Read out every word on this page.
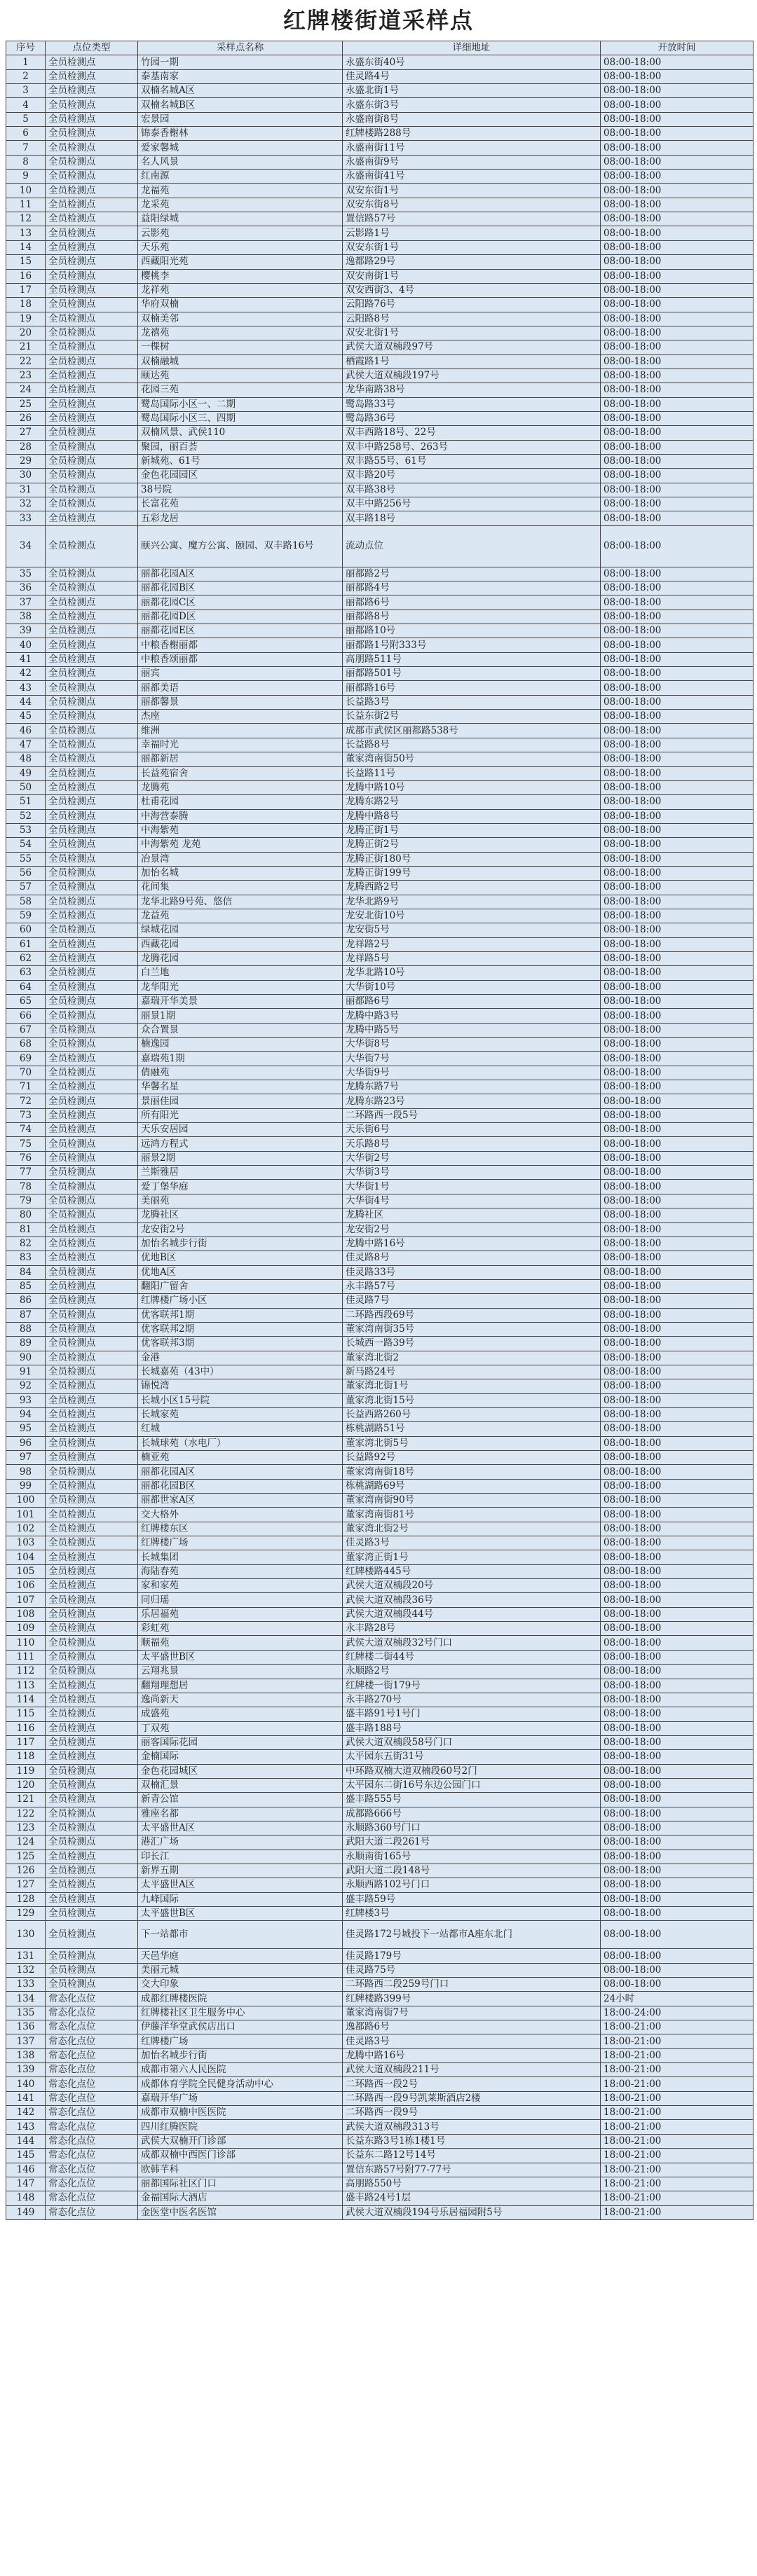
红牌楼街道采样点
序号	点位类型	采样点名称	详细地址	开放时间
1	全员检测点	竹园一期	永盛东街40号	08:00-18:00
2	全员检测点	泰基南家	佳灵路4号	08:00-18:00
3	全员检测点	双楠名城A区	永盛北街1号	08:00-18:00
4	全员检测点	双楠名城B区	永盛东街3号	08:00-18:00
5	全员检测点	宏景园	永盛南街8号	08:00-18:00
6	全员检测点	锦泰香榭林	红牌楼路288号	08:00-18:00
7	全员检测点	爱家馨城	永盛南街11号	08:00-18:00
8	全员检测点	名人风景	永盛南街9号	08:00-18:00
9	全员检测点	红南源	永盛南街41号	08:00-18:00
10	全员检测点	龙福苑	双安东街1号	08:00-18:00
11	全员检测点	龙采苑	双安东街8号	08:00-18:00
12	全员检测点	益阳绿城	置信路57号	08:00-18:00
13	全员检测点	云影苑	云影路1号	08:00-18:00
14	全员检测点	天乐苑	双安东街1号	08:00-18:00
15	全员检测点	西藏阳光苑	逸都路29号	08:00-18:00
16	全员检测点	樱桃李	双安南街1号	08:00-18:00
17	全员检测点	龙祥苑	双安西街3、4号	08:00-18:00
18	全员检测点	华府双楠	云阳路76号	08:00-18:00
19	全员检测点	双楠美邻	云阳路8号	08:00-18:00
20	全员检测点	龙禧苑	双安北街1号	08:00-18:00
21	全员检测点	一棵树	武侯大道双楠段97号	08:00-18:00
22	全员检测点	双楠融城	栖霞路1号	08:00-18:00
23	全员检测点	颐达苑	武侯大道双楠段197号	08:00-18:00
24	全员检测点	花园三苑	龙华南路38号	08:00-18:00
25	全员检测点	鹭岛国际小区一、二期	鹭岛路33号	08:00-18:00
26	全员检测点	鹭岛国际小区三、四期	鹭岛路36号	08:00-18:00
27	全员检测点	双楠风景、武侯110	双丰西路18号、22号	08:00-18:00
28	全员检测点	聚园，丽百荟	双丰中路258号、263号	08:00-18:00
29	全员检测点	新城苑、61号	双丰路55号、61号	08:00-18:00
30	全员检测点	金色花园园区	双丰路20号	08:00-18:00
31	全员检测点	38号院	双丰路38号	08:00-18:00
32	全员检测点	长富花苑	双丰中路256号	08:00-18:00
33	全员检测点	五彩龙居	双丰路18号	08:00-18:00
34	全员检测点	颐兴公寓、魔方公寓、颐园、双丰路16号	流动点位	08:00-18:00
35	全员检测点	丽都花园A区	丽都路2号	08:00-18:00
36	全员检测点	丽都花园B区	丽都路4号	08:00-18:00
37	全员检测点	丽都花园C区	丽都路6号	08:00-18:00
38	全员检测点	丽都花园D区	丽都路8号	08:00-18:00
39	全员检测点	丽都花园E区	丽都路10号	08:00-18:00
40	全员检测点	中粮香榭丽都	丽都路1号附333号	08:00-18:00
41	全员检测点	中粮香颂丽都	高朋路511号	08:00-18:00
42	全员检测点	丽宾	丽都路501号	08:00-18:00
43	全员检测点	丽都美语	丽都路16号	08:00-18:00
44	全员检测点	丽都馨景	长益路3号	08:00-18:00
45	全员检测点	杰座	长益东街2号	08:00-18:00
46	全员检测点	维洲	成都市武侯区丽都路538号	08:00-18:00
47	全员检测点	幸福时光	长益路8号	08:00-18:00
48	全员检测点	丽都新居	董家湾南街50号	08:00-18:00
49	全员检测点	长益苑宿舍	长益路11号	08:00-18:00
50	全员检测点	龙腾苑	龙腾中路10号	08:00-18:00
51	全员检测点	杜甫花园	龙腾东路2号	08:00-18:00
52	全员检测点	中海营泰腾	龙腾中路8号	08:00-18:00
53	全员检测点	中海紫苑	龙腾正街1号	08:00-18:00
54	全员检测点	中海紫苑 龙苑	龙腾正街2号	08:00-18:00
55	全员检测点	冶景湾	龙腾正街180号	08:00-18:00
56	全员检测点	加怡名城	龙腾正街199号	08:00-18:00
57	全员检测点	花间集	龙腾西路2号	08:00-18:00
58	全员检测点	龙华北路9号苑、悠信	龙华北路9号	08:00-18:00
59	全员检测点	龙益苑	龙安北街10号	08:00-18:00
60	全员检测点	绿城花园	龙安街5号	08:00-18:00
61	全员检测点	西藏花园	龙祥路2号	08:00-18:00
62	全员检测点	龙腾花园	龙祥路5号	08:00-18:00
63	全员检测点	白兰地	龙华北路10号	08:00-18:00
64	全员检测点	龙华阳光	大华街10号	08:00-18:00
65	全员检测点	嘉瑞开华美景	丽都路6号	08:00-18:00
66	全员检测点	丽景1期	龙腾中路3号	08:00-18:00
67	全员检测点	众合置景	龙腾中路5号	08:00-18:00
68	全员检测点	楠逸园	大华街8号	08:00-18:00
69	全员检测点	嘉瑞苑1期	大华街7号	08:00-18:00
70	全员检测点	倩融苑	大华街9号	08:00-18:00
71	全员检测点	华馨名星	龙腾东路7号	08:00-18:00
72	全员检测点	景丽佳园	龙腾东路23号	08:00-18:00
73	全员检测点	所有阳光	二环路西一段5号	08:00-18:00
74	全员检测点	天乐安居园	天乐街6号	08:00-18:00
75	全员检测点	远鸿方程式	天乐路8号	08:00-18:00
76	全员检测点	丽景2期	大华街2号	08:00-18:00
77	全员检测点	兰斯雅居	大华街3号	08:00-18:00
78	全员检测点	爱丁堡华庭	大华街1号	08:00-18:00
79	全员检测点	美丽苑	大华街4号	08:00-18:00
80	全员检测点	龙腾社区	龙腾社区	08:00-18:00
81	全员检测点	龙安街2号	龙安街2号	08:00-18:00
82	全员检测点	加怡名城步行街	龙腾中路16号	08:00-18:00
83	全员检测点	优地B区	佳灵路8号	08:00-18:00
84	全员检测点	优地A区	佳灵路33号	08:00-18:00
85	全员检测点	翻阳广留舍	永丰路57号	08:00-18:00
86	全员检测点	红牌楼广场小区	佳灵路7号	08:00-18:00
87	全员检测点	优客联邦1期	二环路西段69号	08:00-18:00
88	全员检测点	优客联邦2期	董家湾南街35号	08:00-18:00
89	全员检测点	优客联邦3期	长城西一路39号	08:00-18:00
90	全员检测点	金港	董家湾北街2	08:00-18:00
91	全员检测点	长城嘉苑（43中）	新马路24号	08:00-18:00
92	全员检测点	锦悦湾	董家湾北街1号	08:00-18:00
93	全员检测点	长城小区15号院	董家湾北街15号	08:00-18:00
94	全员检测点	长城家苑	长益西路260号	08:00-18:00
95	全员检测点	红城	栋桃湖路51号	08:00-18:00
96	全员检测点	长城球苑（水电厂）	董家湾北街5号	08:00-18:00
97	全员检测点	楠亚苑	长益路92号	08:00-18:00
98	全员检测点	丽都花园A区	董家湾南街18号	08:00-18:00
99	全员检测点	丽都花园B区	栋桃湖路69号	08:00-18:00
100	全员检测点	丽都世家A区	董家湾南街90号	08:00-18:00
101	全员检测点	交大格外	董家湾南街81号	08:00-18:00
102	全员检测点	红牌楼东区	董家湾北街2号	08:00-18:00
103	全员检测点	红牌楼广场	佳灵路3号	08:00-18:00
104	全员检测点	长城集团	董家湾正街1号	08:00-18:00
105	全员检测点	海陆春苑	红牌楼路445号	08:00-18:00
106	全员检测点	家和家苑	武侯大道双楠段20号	08:00-18:00
107	全员检测点	同归瑶	武侯大道双楠段36号	08:00-18:00
108	全员检测点	乐居福苑	武侯大道双楠段44号	08:00-18:00
109	全员检测点	彩虹苑	永丰路28号	08:00-18:00
110	全员检测点	顺福苑	武侯大道双楠段32号门口	08:00-18:00
111	全员检测点	太平盛世B区	红牌楼二街44号	08:00-18:00
112	全员检测点	云翔兆景	永顺路2号	08:00-18:00
113	全员检测点	翻翔理想居	红牌楼一街179号	08:00-18:00
114	全员检测点	逸尚新天	永丰路270号	08:00-18:00
115	全员检测点	成盛苑	盛丰路91号1号门	08:00-18:00
116	全员检测点	丁双苑	盛丰路188号	08:00-18:00
117	全员检测点	丽客国际花园	武侯大道双楠段58号门口	08:00-18:00
118	全员检测点	金楠国际	太平园东五街31号	08:00-18:00
119	全员检测点	金色花园城区	中环路双楠大道双楠段60号2门	08:00-18:00
120	全员检测点	双楠汇景	太平园东二街16号东边公园门口	08:00-18:00
121	全员检测点	新青公馆	盛丰路555号	08:00-18:00
122	全员检测点	雅座名都	成都路666号	08:00-18:00
123	全员检测点	太平盛世A区	永顺路360号门口	08:00-18:00
124	全员检测点	港汇广场	武阳大道二段261号	08:00-18:00
125	全员检测点	印长江	永顺南街165号	08:00-18:00
126	全员检测点	新界五期	武阳大道二段148号	08:00-18:00
127	全员检测点	太平盛世A区	永顺西路102号门口	08:00-18:00
128	全员检测点	九峰国际	盛丰路59号	08:00-18:00
129	全员检测点	太平盛世B区	红牌楼3号	08:00-18:00
130	全员检测点	下一站都市	佳灵路172号城投下一站都市A座东北门	08:00-18:00
131	全员检测点	天邑华庭	佳灵路179号	08:00-18:00
132	全员检测点	美丽元城	佳灵路75号	08:00-18:00
133	全员检测点	交大印象	二环路西二段259号门口	08:00-18:00
134	常态化点位	成都红牌楼医院	红牌楼路399号	24小时
135	常态化点位	红牌楼社区卫生服务中心	董家湾南街7号	18:00-24:00
136	常态化点位	伊藤洋华堂武侯店出口	逸都路6号	18:00-21:00
137	常态化点位	红牌楼广场	佳灵路3号	18:00-21:00
138	常态化点位	加怡名城步行街	龙腾中路16号	18:00-21:00
139	常态化点位	成都市第六人民医院	武侯大道双楠段211号	18:00-21:00
140	常态化点位	成都体育学院全民健身活动中心	二环路西一段2号	18:00-21:00
141	常态化点位	嘉瑞开华广场	二环路西一段9号凯莱斯酒店2楼	18:00-21:00
142	常态化点位	成都市双楠中医医院	二环路西一段9号	18:00-21:00
143	常态化点位	四川红腾医院	武侯大道双楠段313号	18:00-21:00
144	常态化点位	武侯大双楠开门诊部	长益东路3号1栋1楼1号	18:00-21:00
145	常态化点位	成都双楠中西医门诊部	长益东二路12号14号	18:00-21:00
146	常态化点位	欧韩芊科	置信东路57号附77-77号	18:00-21:00
147	常态化点位	丽都国际社区门口	高朋路550号	18:00-21:00
148	常态化点位	金福国际大酒店	盛丰路24号1层	18:00-21:00
149	常态化点位	金医堂中医名医馆	武侯大道双楠段194号乐居福园附5号	18:00-21:00
